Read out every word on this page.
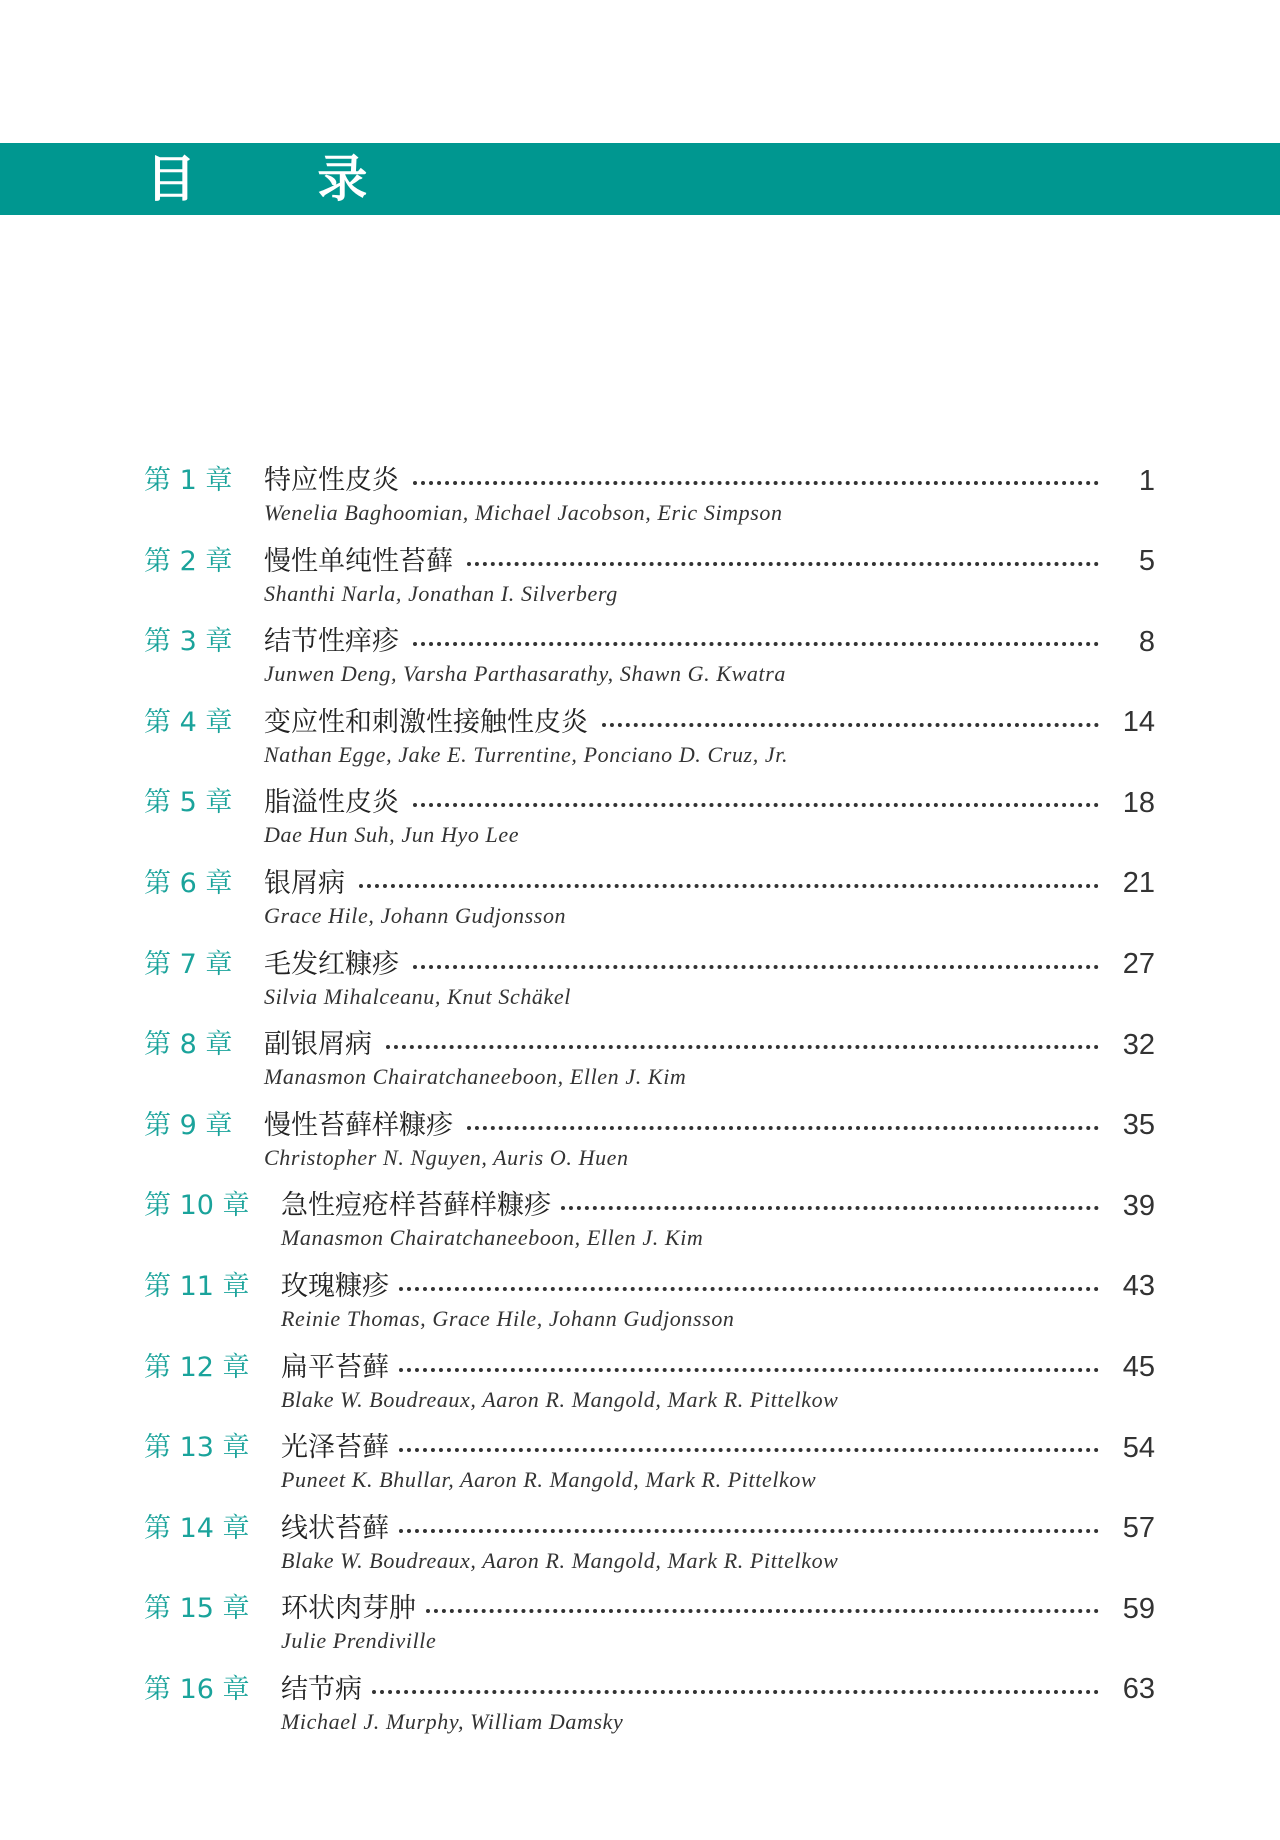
目 录
第 1 章 特应性皮炎	1
Wenelia Baghoomian, Michael Jacobson, Eric Simpson
第 2 章 慢性单纯性苔藓	5
Shanthi Narla, Jonathan I. Silverberg
第 3 章 结节性痒疹	8
Junwen Deng, Varsha Parthasarathy, Shawn G. Kwatra
第 4 章 变应性和刺激性接触性皮炎	14
Nathan Egge, Jake E. Turrentine, Ponciano D. Cruz, Jr.
第 5 章 脂溢性皮炎	18
Dae Hun Suh, Jun Hyo Lee
第 6 章 银屑病	21
Grace Hile, Johann Gudjonsson
第 7 章 毛发红糠疹	27
Silvia Mihalceanu, Knut Schäkel
第 8 章 副银屑病	32
Manasmon Chairatchaneeboon, Ellen J. Kim
第 9 章 慢性苔藓样糠疹	35
Christopher N. Nguyen, Auris O. Huen
第 10 章 急性痘疮样苔藓样糠疹	39
Manasmon Chairatchaneeboon, Ellen J. Kim
第 11 章 玫瑰糠疹	43
Reinie Thomas, Grace Hile, Johann Gudjonsson
第 12 章 扁平苔藓	45
Blake W. Boudreaux, Aaron R. Mangold, Mark R. Pittelkow
第 13 章 光泽苔藓	54
Puneet K. Bhullar, Aaron R. Mangold, Mark R. Pittelkow
第 14 章 线状苔藓	57
Blake W. Boudreaux, Aaron R. Mangold, Mark R. Pittelkow
第 15 章 环状肉芽肿	59
Julie Prendiville
第 16 章 结节病	63
Michael J. Murphy, William Damsky
